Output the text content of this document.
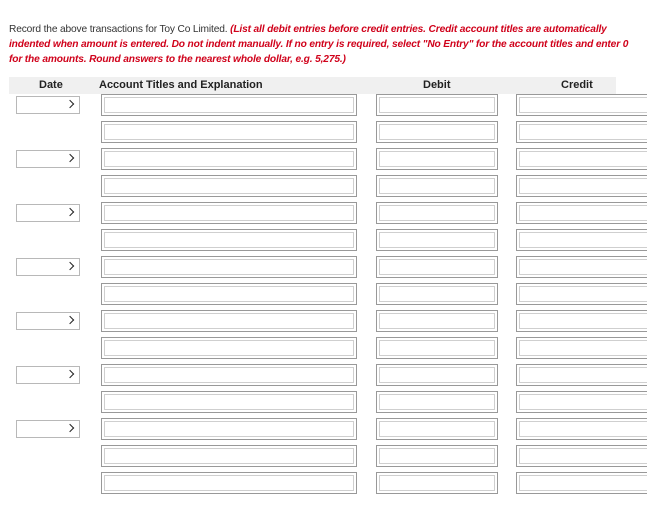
Record the above transactions for Toy Co Limited. (List all debit entries before credit entries. Credit account titles are automatically indented when amount is entered. Do not indent manually. If no entry is required, select "No Entry" for the account titles and enter 0 for the amounts. Round answers to the nearest whole dollar, e.g. 5,275.)
Date	Account Titles and Explanation	Debit	Credit
